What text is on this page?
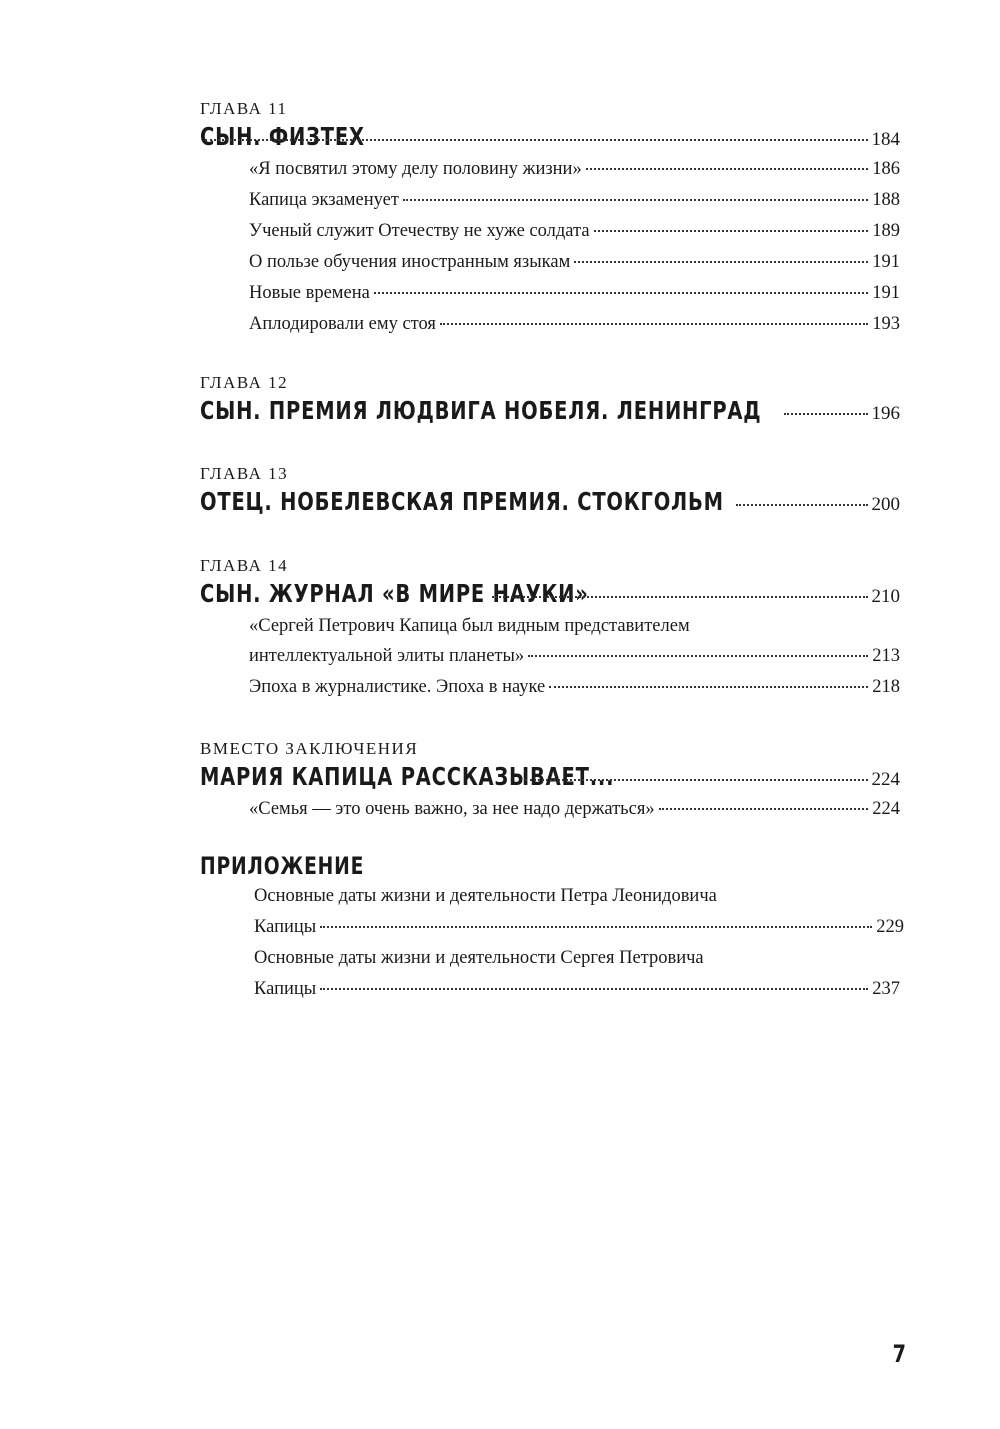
ГЛАВА 11
СЫН. ФИЗТЕХ	184
«Я посвятил этому делу половину жизни»	186
Капица экзаменует	188
Ученый служит Отечеству не хуже солдата	189
О пользе обучения иностранным языкам	191
Новые времена	191
Аплодировали ему стоя	193
ГЛАВА 12
СЫН. ПРЕМИЯ ЛЮДВИГА НОБЕЛЯ. ЛЕНИНГРАД	196
ГЛАВА 13
ОТЕЦ. НОБЕЛЕВСКАЯ ПРЕМИЯ. СТОКГОЛЬМ	200
ГЛАВА 14
СЫН. ЖУРНАЛ «В МИРЕ НАУКИ»	210
«Сергей Петрович Капица был видным представителем
интеллектуальной элиты планеты»	213
Эпоха в журналистике. Эпоха в науке	218
ВМЕСТО ЗАКЛЮЧЕНИЯ
МАРИЯ КАПИЦА РАССКАЗЫВАЕТ...	224
«Семья — это очень важно, за нее надо держаться»	224
ПРИЛОЖЕНИЕ
Основные даты жизни и деятельности Петра Леонидовича
Капицы	229
Основные даты жизни и деятельности Сергея Петровича
Капицы	237
7
